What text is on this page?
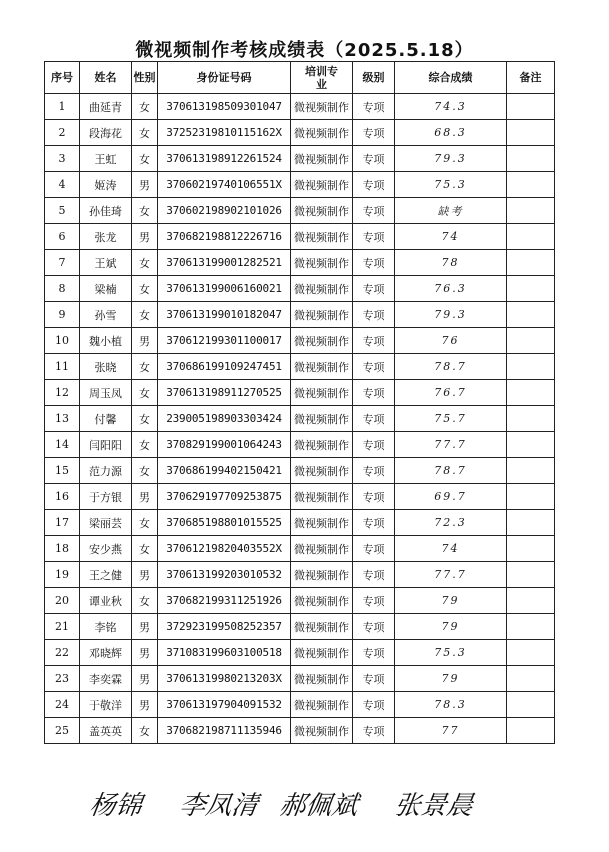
微视频制作考核成绩表（2025.5.18）
序号	姓名	性别	身份证号码	培训专业	级别	综合成绩	备注
1	曲延青	女	370613198509301047	微视频制作	专项	74.3	
2	段海花	女	37252319810115162X	微视频制作	专项	68.3	
3	王虹	女	370613198912261524	微视频制作	专项	79.3	
4	姬涛	男	37060219740106551X	微视频制作	专项	75.3	
5	孙佳琦	女	370602198902101026	微视频制作	专项	缺考	
6	张龙	男	370682198812226716	微视频制作	专项	74	
7	王斌	女	370613199001282521	微视频制作	专项	78	
8	梁楠	女	370613199006160021	微视频制作	专项	76.3	
9	孙雪	女	370613199010182047	微视频制作	专项	79.3	
10	魏小植	男	370612199301100017	微视频制作	专项	76	
11	张晓	女	370686199109247451	微视频制作	专项	78.7	
12	周玉凤	女	370613198911270525	微视频制作	专项	76.7	
13	付馨	女	239005198903303424	微视频制作	专项	75.7	
14	闫阳阳	女	370829199001064243	微视频制作	专项	77.7	
15	范力源	女	370686199402150421	微视频制作	专项	78.7	
16	于方银	男	370629197709253875	微视频制作	专项	69.7	
17	梁丽芸	女	370685198801015525	微视频制作	专项	72.3	
18	安少燕	女	37061219820403552X	微视频制作	专项	74	
19	王之健	男	370613199203010532	微视频制作	专项	77.7	
20	谭业秋	女	370682199311251926	微视频制作	专项	79	
21	李铭	男	372923199508252357	微视频制作	专项	79	
22	邓晓辉	男	371083199603100518	微视频制作	专项	75.3	
23	李奕霖	男	37061319980213203X	微视频制作	专项	79	
24	于敬洋	男	370613197904091532	微视频制作	专项	78.3	
25	盖英英	女	370682198711135946	微视频制作	专项	77	
杨锦 李凤清 郝佩斌 张景晨
